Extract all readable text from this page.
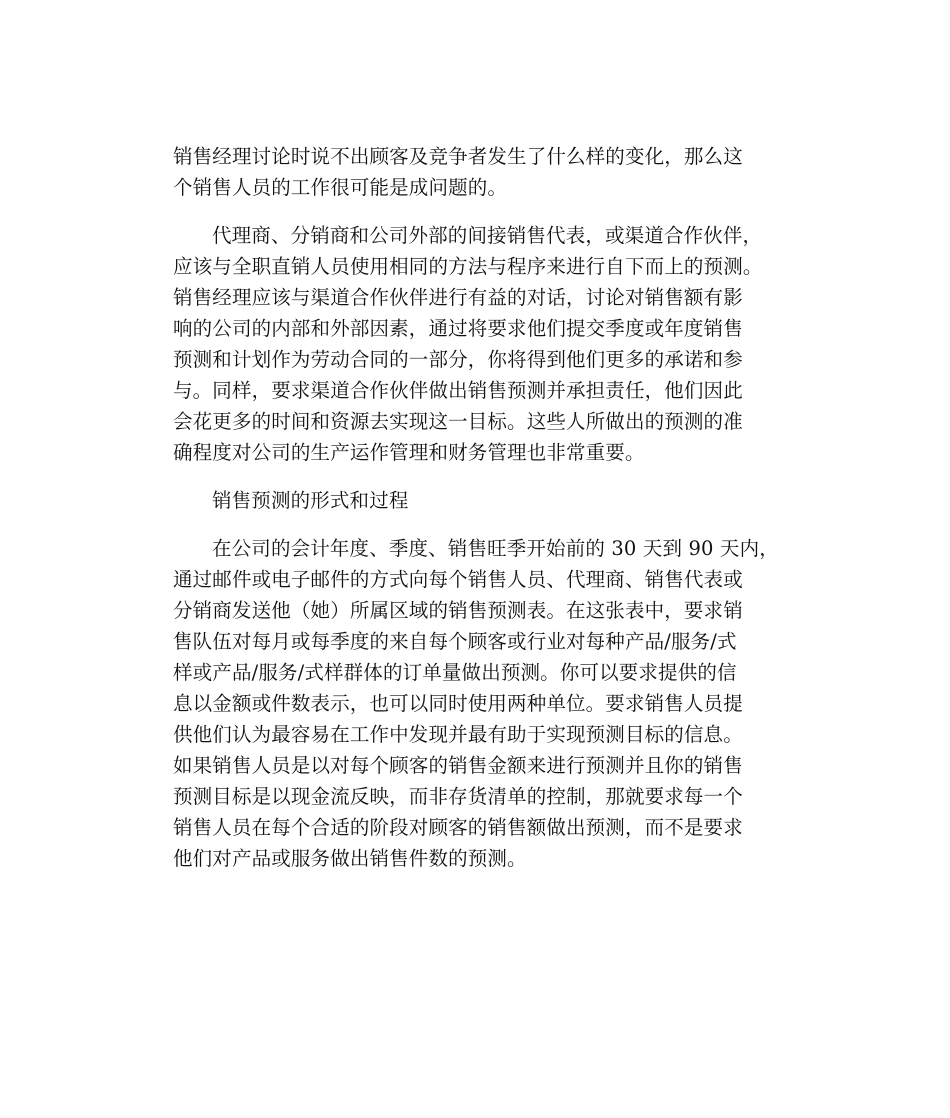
销售经理讨论时说不出顾客及竞争者发生了什么样的变化，那么这
个销售人员的工作很可能是成问题的。

代理商、分销商和公司外部的间接销售代表，或渠道合作伙伴，
应该与全职直销人员使用相同的方法与程序来进行自下而上的预测。
销售经理应该与渠道合作伙伴进行有益的对话，讨论对销售额有影
响的公司的内部和外部因素，通过将要求他们提交季度或年度销售
预测和计划作为劳动合同的一部分，你将得到他们更多的承诺和参
与。同样，要求渠道合作伙伴做出销售预测并承担责任，他们因此
会花更多的时间和资源去实现这一目标。这些人所做出的预测的准
确程度对公司的生产运作管理和财务管理也非常重要。

销售预测的形式和过程

在公司的会计年度、季度、销售旺季开始前的 30 天到 90 天内，
通过邮件或电子邮件的方式向每个销售人员、代理商、销售代表或
分销商发送他（她）所属区域的销售预测表。在这张表中，要求销
售队伍对每月或每季度的来自每个顾客或行业对每种产品/服务/式
样或产品/服务/式样群体的订单量做出预测。你可以要求提供的信
息以金额或件数表示，也可以同时使用两种单位。要求销售人员提
供他们认为最容易在工作中发现并最有助于实现预测目标的信息。
如果销售人员是以对每个顾客的销售金额来进行预测并且你的销售
预测目标是以现金流反映，而非存货清单的控制，那就要求每一个
销售人员在每个合适的阶段对顾客的销售额做出预测，而不是要求
他们对产品或服务做出销售件数的预测。
